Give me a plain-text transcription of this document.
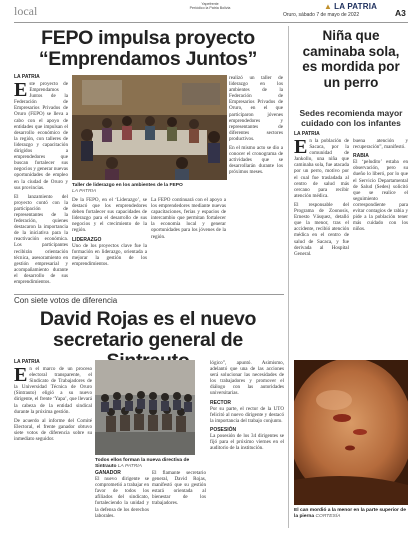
local	Yapefrente
Periódico la Patria Bolivia	▲ LA PATRIA
Oruro, sábado 7 de mayo de 2022	A3
FEPO impulsa proyecto “Emprendamos Juntos”
LA PATRIA
Este proyecto de Emprendamos Juntos de la Federación de Empresarios Privados de Oruro (FEPO) se lleva a cabo con el apoyo de entidades que impulsan el desarrollo económico de la región, con talleres de liderazgo y capacitación dirigidos a emprendedores que buscan fortalecer sus negocios y generar nuevas oportunidades de empleo en la ciudad de Oruro y sus provincias.
El lanzamiento del proyecto contó con la participación de representantes de la federación, quienes destacaron la importancia de la iniciativa para la reactivación económica. Los participantes recibirán orientación técnica, asesoramiento en gestión empresarial y acompañamiento durante el desarrollo de sus emprendimientos.
Taller de liderazgo en los ambientes de la FEPO
LA PATRIA
realizó un taller de liderazgo en los ambientes de la Federación de Empresarios Privados de Oruro, en el que participaron jóvenes emprendedores y representantes de diferentes sectores productivos.
En el mismo acto se dio a conocer el cronograma de actividades que se desarrollarán durante los próximos meses.
De la FEPO, en el ‘Liderazgo’, se destacó que los emprendedores deben fortalecer sus capacidades de liderazgo para el desarrollo de sus negocios y el crecimiento de la región.
LIDERAZGO
Uno de los proyectos clave fue la formación en liderazgo, orientada a mejorar la gestión de los emprendimientos.
La FEPO continuará con el apoyo a los emprendedores mediante nuevas capacitaciones, ferias y espacios de intercambio que permitan fortalecer la economía local y generar oportunidades para los jóvenes de la región.
Con siete votos de diferencia
David Rojas es el nuevo secretario general de
LA PATRIA
En el marco de un proceso electoral transparente, el Sindicato de Trabajadores de la Universidad Técnica de Oruro (Sintrauto) eligió a su nuevo dirigente, el frente ‘Yapa’, que llevará la cabeza de la entidad sindical durante la próxima gestión.
De acuerdo al informe del Comité Electoral, el frente ganador obtuvo siete votos de diferencia sobre su inmediato seguidor.
Todos ellos forman la nueva directiva de Sintrauto LA PATRIA
GANADOR
El nuevo dirigente se comprometió a trabajar en favor de todos los afiliados del sindicato, fortaleciendo la unidad y la defensa de los derechos laborales.
El flamante secretario general, David Rojas, manifestó que su gestión estará orientada al bienestar de los trabajadores.
lógico”, apuntó. Asimismo, adelantó que una de las acciones será solucionar las necesidades de los trabajadores y promover el diálogo con las autoridades universitarias.
RECTOR
Por su parte, el rector de la UTO felicitó al nuevo dirigente y destacó la importancia del trabajo conjunto.
POSESIÓN
La posesión de los 34 dirigentes se fijó para el próximo viernes en el auditorio de la institución.
Niña que caminaba sola, es mordida por un perro
Sedes recomienda mayor cuidado con los infantes
LA PATRIA
En la población de Sacaca, por la comunidad de Jankollo, una niña que caminaba sola, fue atacada por un perro, motivo por el cual fue trasladada al centro de salud más cercano para recibir atención médica.
El responsable del Programa de Zoonosis, Ernesto Vásquez, detalló que la menor, tras el accidente, recibió atención médica en el centro de salud de Sacaca, y fue derivada al Hospital General.
buena atención y recuperación”, manifestó.
RABIA
El ‘peludito’ estaba en observación, pero su dueño lo liberó, por lo que el Servicio Departamental de Salud (Sedes) solicitó que se realice el seguimiento correspondiente para evitar contagios de rabia y pide a la población tener más cuidado con los niños.
El can mordió a la menor en la parte superior de la pierna CORTESÍA
